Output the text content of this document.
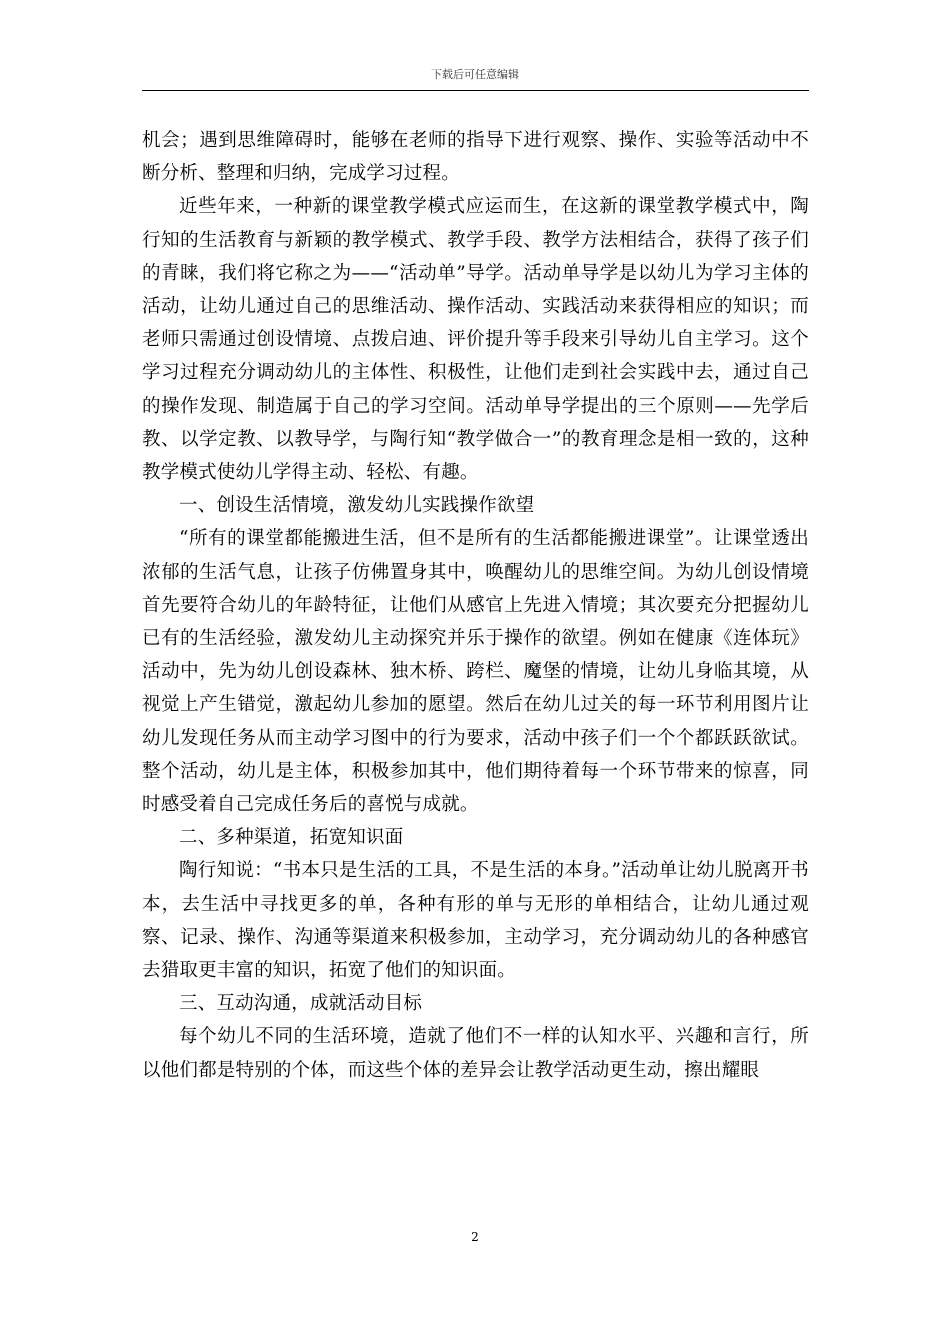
下载后可任意编辑

机会；遇到思维障碍时，能够在老师的指导下进行观察、操作、实验等活动中不断分析、整理和归纳，完成学习过程。

近些年来，一种新的课堂教学模式应运而生，在这新的课堂教学模式中，陶行知的生活教育与新颖的教学模式、教学手段、教学方法相结合，获得了孩子们的青睐，我们将它称之为——“活动单”导学。活动单导学是以幼儿为学习主体的活动，让幼儿通过自己的思维活动、操作活动、实践活动来获得相应的知识；而老师只需通过创设情境、点拨启迪、评价提升等手段来引导幼儿自主学习。这个学习过程充分调动幼儿的主体性、积极性，让他们走到社会实践中去，通过自己的操作发现、制造属于自己的学习空间。活动单导学提出的三个原则——先学后教、以学定教、以教导学，与陶行知“教学做合一”的教育理念是相一致的，这种教学模式使幼儿学得主动、轻松、有趣。

一、创设生活情境，激发幼儿实践操作欲望

“所有的课堂都能搬进生活，但不是所有的生活都能搬进课堂”。让课堂透出浓郁的生活气息，让孩子仿佛置身其中，唤醒幼儿的思维空间。为幼儿创设情境首先要符合幼儿的年龄特征，让他们从感官上先进入情境；其次要充分把握幼儿已有的生活经验，激发幼儿主动探究并乐于操作的欲望。例如在健康《连体玩》活动中，先为幼儿创设森林、独木桥、跨栏、魔堡的情境，让幼儿身临其境，从视觉上产生错觉，激起幼儿参加的愿望。然后在幼儿过关的每一环节利用图片让幼儿发现任务从而主动学习图中的行为要求，活动中孩子们一个个都跃跃欲试。整个活动，幼儿是主体，积极参加其中，他们期待着每一个环节带来的惊喜，同时感受着自己完成任务后的喜悦与成就。

二、多种渠道，拓宽知识面

陶行知说：“书本只是生活的工具，不是生活的本身。”活动单让幼儿脱离开书本，去生活中寻找更多的单，各种有形的单与无形的单相结合，让幼儿通过观察、记录、操作、沟通等渠道来积极参加，主动学习，充分调动幼儿的各种感官去猎取更丰富的知识，拓宽了他们的知识面。

三、互动沟通，成就活动目标

每个幼儿不同的生活环境，造就了他们不一样的认知水平、兴趣和言行，所以他们都是特别的个体，而这些个体的差异会让教学活动更生动，擦出耀眼

2
